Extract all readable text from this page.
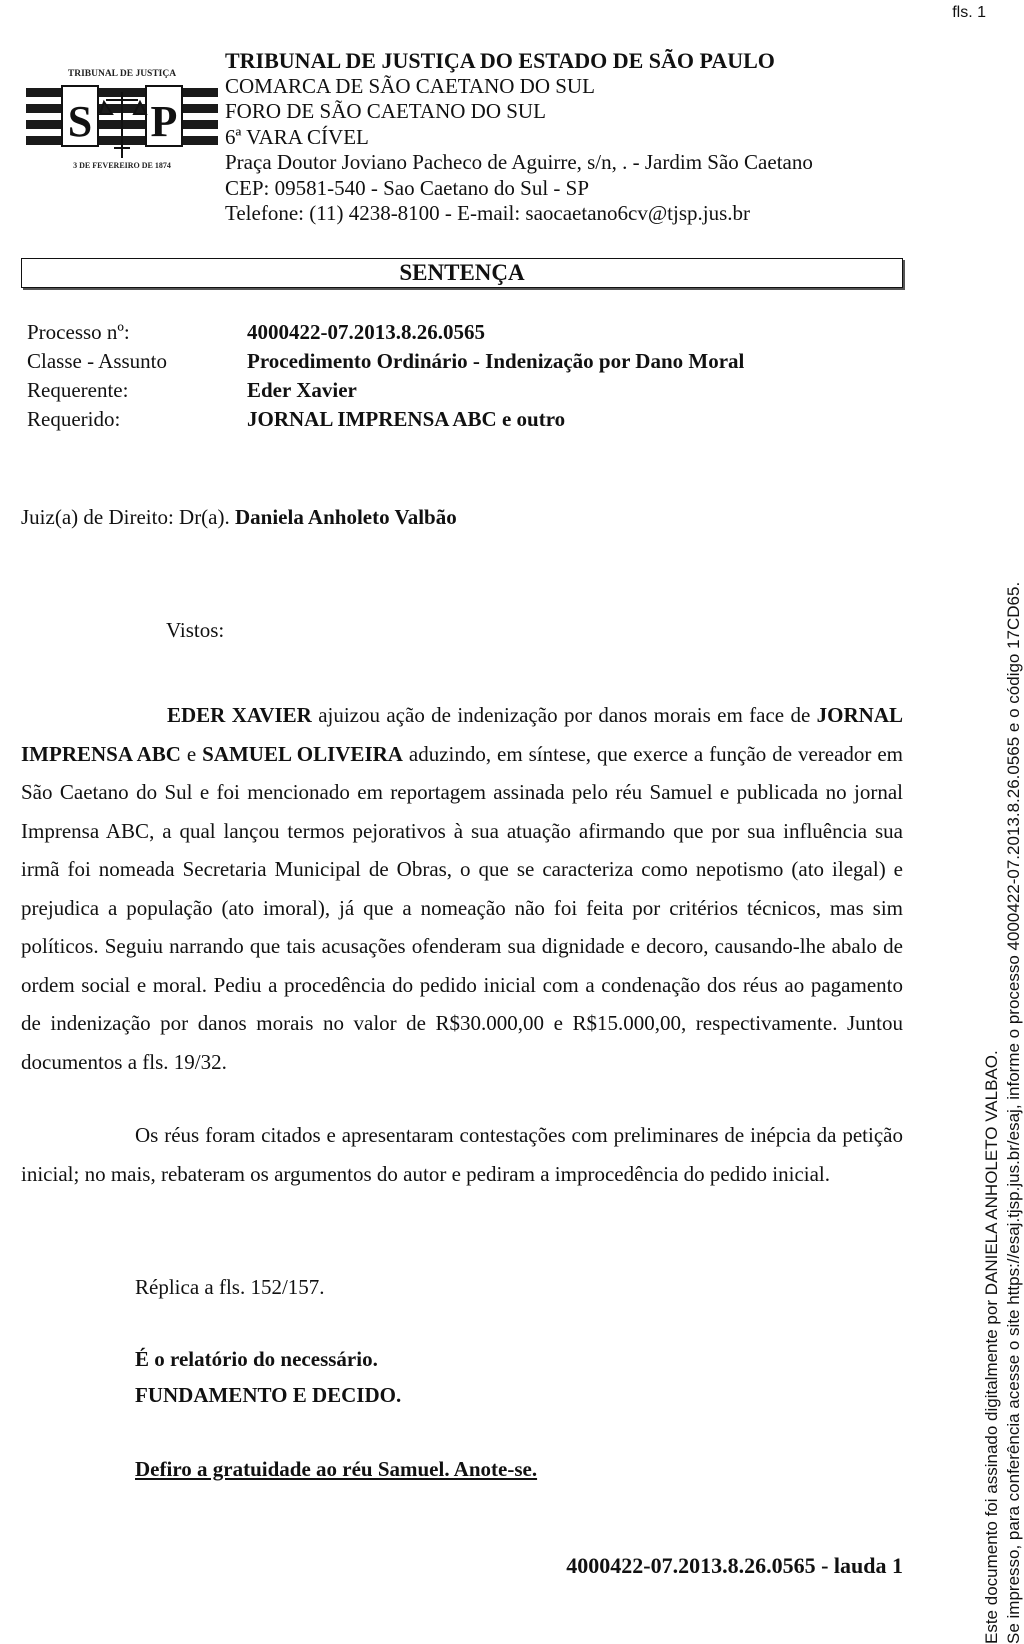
fls. 1
TRIBUNAL DE JUSTIÇA
S P
3 DE FEVEREIRO DE 1874
TRIBUNAL DE JUSTIÇA DO ESTADO DE SÃO PAULO
COMARCA DE SÃO CAETANO DO SUL
FORO DE SÃO CAETANO DO SUL
6ª VARA CÍVEL
Praça Doutor Joviano Pacheco de Aguirre, s/n, . - Jardim São Caetano
CEP: 09581-540 - Sao Caetano do Sul - SP
Telefone: (11) 4238-8100 - E-mail: saocaetano6cv@tjsp.jus.br
SENTENÇA
Processo nº:	4000422-07.2013.8.26.0565
Classe - Assunto	Procedimento Ordinário - Indenização por Dano Moral
Requerente:	Eder Xavier
Requerido:	JORNAL IMPRENSA ABC e outro
Juiz(a) de Direito: Dr(a). Daniela Anholeto Valbão
Vistos:
EDER XAVIER ajuizou ação de indenização por danos morais em face de JORNAL IMPRENSA ABC e SAMUEL OLIVEIRA aduzindo, em síntese, que exerce a função de vereador em São Caetano do Sul e foi mencionado em reportagem assinada pelo réu Samuel e publicada no jornal Imprensa ABC, a qual lançou termos pejorativos à sua atuação afirmando que por sua influência sua irmã foi nomeada Secretaria Municipal de Obras, o que se caracteriza como nepotismo (ato ilegal) e prejudica a população (ato imoral), já que a nomeação não foi feita por critérios técnicos, mas sim políticos. Seguiu narrando que tais acusações ofenderam sua dignidade e decoro, causando-lhe abalo de ordem social e moral. Pediu a procedência do pedido inicial com a condenação dos réus ao pagamento de indenização por danos morais no valor de R$30.000,00 e R$15.000,00, respectivamente. Juntou documentos a fls. 19/32.
Os réus foram citados e apresentaram contestações com preliminares de inépcia da petição inicial; no mais, rebateram os argumentos do autor e pediram a improcedência do pedido inicial.
Réplica a fls. 152/157.
É o relatório do necessário.
FUNDAMENTO E DECIDO.
Defiro a gratuidade ao réu Samuel. Anote-se.
4000422-07.2013.8.26.0565 - lauda 1	Este documento foi assinado digitalmente por DANIELA ANHOLETO VALBAO. Se impresso, para conferência acesse o site https://esaj.tjsp.jus.br/esaj, informe o processo 4000422-07.2013.8.26.0565 e o código 17CD65.
